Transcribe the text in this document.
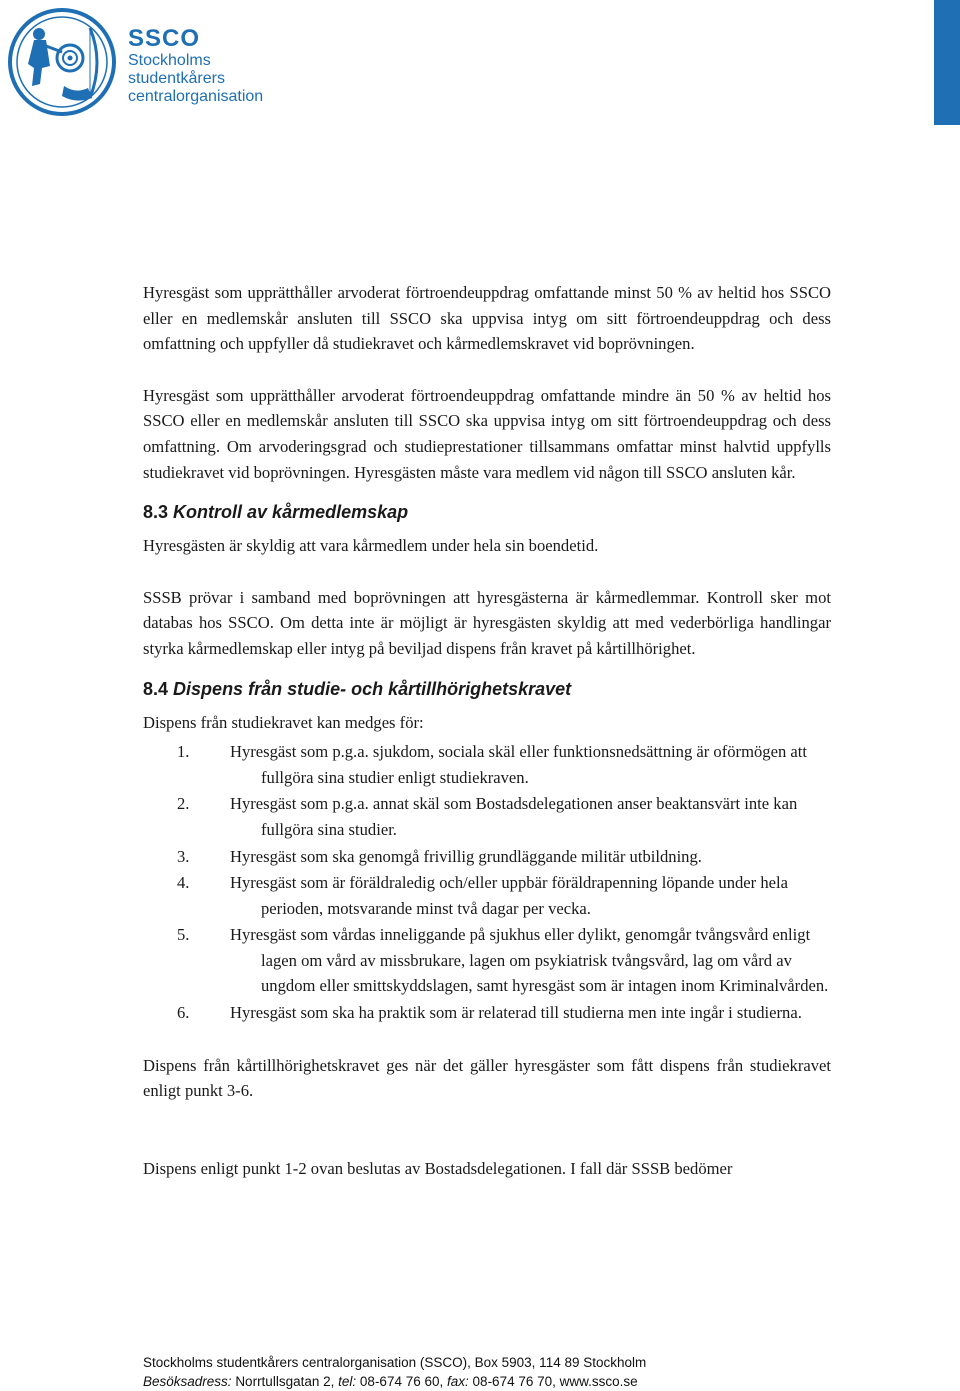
SSCO
Stockholms
studentkårers
centralorganisation

Hyresgäst som upprätthåller arvoderat förtroendeuppdrag omfattande minst 50 % av heltid hos SSCO eller en medlemskår ansluten till SSCO ska uppvisa intyg om sitt förtroendeuppdrag och dess omfattning och uppfyller då studiekravet och kårmedlemskravet vid boprövningen.

Hyresgäst som upprätthåller arvoderat förtroendeuppdrag omfattande mindre än 50 % av heltid hos SSCO eller en medlemskår ansluten till SSCO ska uppvisa intyg om sitt förtroendeuppdrag och dess omfattning. Om arvoderingsgrad och studieprestationer tillsammans omfattar minst halvtid uppfylls studiekravet vid boprövningen. Hyresgästen måste vara medlem vid någon till SSCO ansluten kår.

8.3 Kontroll av kårmedlemskap

Hyresgästen är skyldig att vara kårmedlem under hela sin boendetid.

SSSB prövar i samband med boprövningen att hyresgästerna är kårmedlemmar. Kontroll sker mot databas hos SSCO. Om detta inte är möjligt är hyresgästen skyldig att med vederbörliga handlingar styrka kårmedlemskap eller intyg på beviljad dispens från kravet på kårtillhörighet.

8.4 Dispens från studie- och kårtillhörighetskravet

Dispens från studiekravet kan medges för:

1. Hyresgäst som p.g.a. sjukdom, sociala skäl eller funktionsnedsättning är oförmögen att fullgöra sina studier enligt studiekraven.
2. Hyresgäst som p.g.a. annat skäl som Bostadsdelegationen anser beaktansvärt inte kan fullgöra sina studier.
3. Hyresgäst som ska genomgå frivillig grundläggande militär utbildning.
4. Hyresgäst som är föräldraledig och/eller uppbär föräldrapenning löpande under hela perioden, motsvarande minst två dagar per vecka.
5. Hyresgäst som vårdas inneliggande på sjukhus eller dylikt, genomgår tvångsvård enligt lagen om vård av missbrukare, lagen om psykiatrisk tvångsvård, lag om vård av ungdom eller smittskyddslagen, samt hyresgäst som är intagen inom Kriminalvården.
6. Hyresgäst som ska ha praktik som är relaterad till studierna men inte ingår i studierna.

Dispens från kårtillhörighetskravet ges när det gäller hyresgäster som fått dispens från studiekravet enligt punkt 3-6.

Dispens enligt punkt 1-2 ovan beslutas av Bostadsdelegationen. I fall där SSSB bedömer

Stockholms studentkårers centralorganisation (SSCO), Box 5903, 114 89 Stockholm
Besöksadress: Norrtullsgatan 2, tel: 08-674 76 60, fax: 08-674 76 70, www.ssco.se
